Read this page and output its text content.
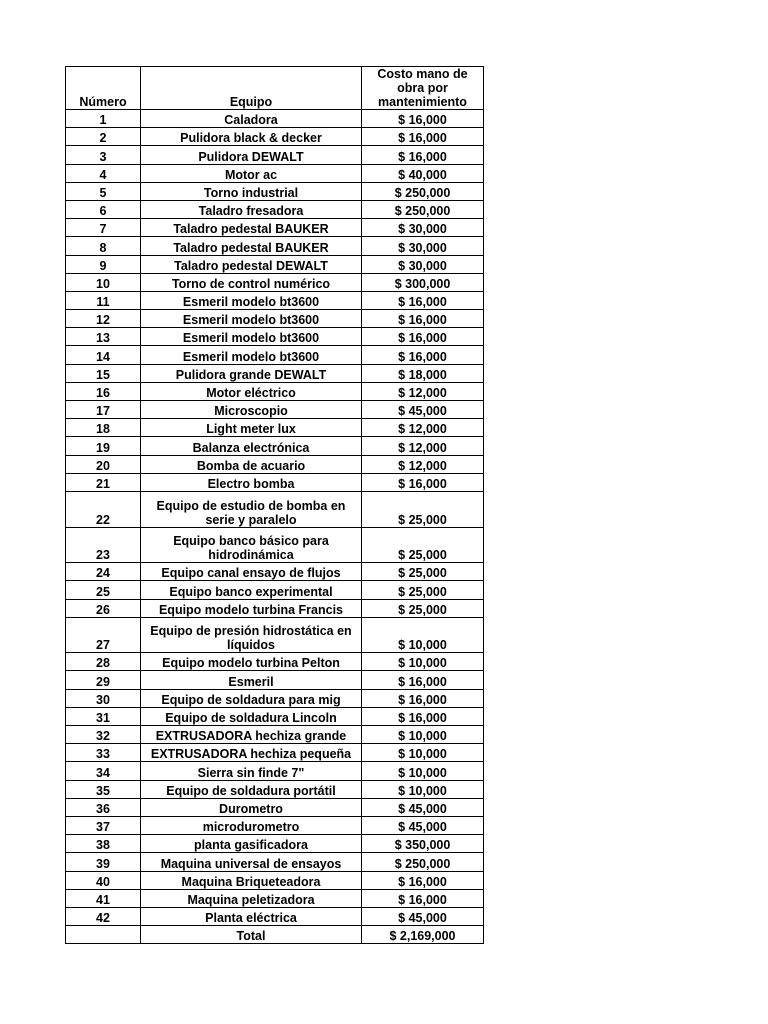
Número	Equipo	Costo mano de obra por mantenimiento
1	Caladora	$ 16,000
2	Pulidora black & decker	$ 16,000
3	Pulidora DEWALT	$ 16,000
4	Motor ac	$ 40,000
5	Torno industrial	$ 250,000
6	Taladro fresadora	$ 250,000
7	Taladro pedestal BAUKER	$ 30,000
8	Taladro pedestal BAUKER	$ 30,000
9	Taladro pedestal DEWALT	$ 30,000
10	Torno de control numérico	$ 300,000
11	Esmeril modelo bt3600	$ 16,000
12	Esmeril modelo bt3600	$ 16,000
13	Esmeril modelo bt3600	$ 16,000
14	Esmeril modelo bt3600	$ 16,000
15	Pulidora grande DEWALT	$ 18,000
16	Motor eléctrico	$ 12,000
17	Microscopio	$ 45,000
18	Light meter lux	$ 12,000
19	Balanza electrónica	$ 12,000
20	Bomba de acuario	$ 12,000
21	Electro bomba	$ 16,000
22	Equipo de estudio de bomba en serie y paralelo	$ 25,000
23	Equipo banco básico para hidrodinámica	$ 25,000
24	Equipo canal ensayo de flujos	$ 25,000
25	Equipo banco experimental	$ 25,000
26	Equipo modelo turbina Francis	$ 25,000
27	Equipo de presión hidrostática en líquidos	$ 10,000
28	Equipo modelo turbina Pelton	$ 10,000
29	Esmeril	$ 16,000
30	Equipo de soldadura para mig	$ 16,000
31	Equipo de soldadura Lincoln	$ 16,000
32	EXTRUSADORA hechiza grande	$ 10,000
33	EXTRUSADORA hechiza pequeña	$ 10,000
34	Sierra sin finde 7"	$ 10,000
35	Equipo de soldadura portátil	$ 10,000
36	Durometro	$ 45,000
37	microdurometro	$ 45,000
38	planta gasificadora	$ 350,000
39	Maquina universal de ensayos	$ 250,000
40	Maquina Briqueteadora	$ 16,000
41	Maquina peletizadora	$ 16,000
42	Planta eléctrica	$ 45,000
	Total	$ 2,169,000
